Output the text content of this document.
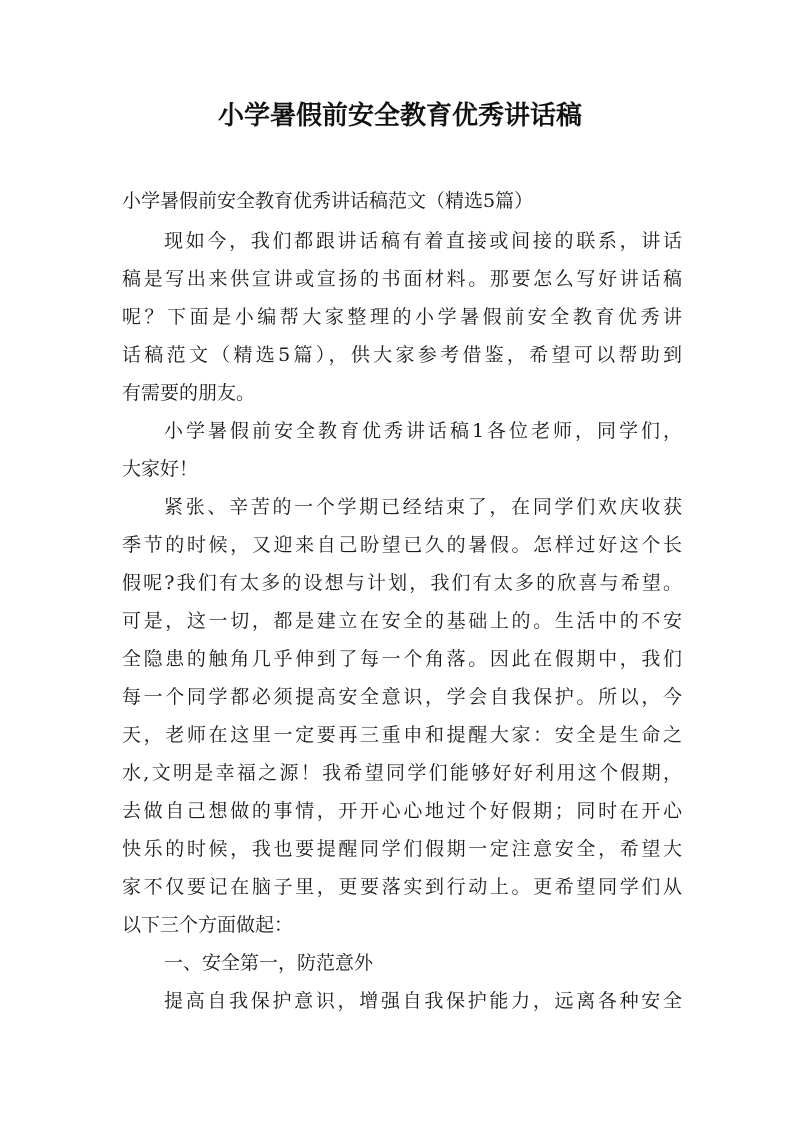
小学暑假前安全教育优秀讲话稿

小学暑假前安全教育优秀讲话稿范文（精选5篇）

现如今，我们都跟讲话稿有着直接或间接的联系，讲话

稿是写出来供宣讲或宣扬的书面材料。那要怎么写好讲话稿

呢？下面是小编帮大家整理的小学暑假前安全教育优秀讲

话稿范文（精选5篇），供大家参考借鉴，希望可以帮助到

有需要的朋友。

小学暑假前安全教育优秀讲话稿1各位老师，同学们，

大家好！

紧张、辛苦的一个学期已经结束了，在同学们欢庆收获

季节的时候，又迎来自己盼望已久的暑假。怎样过好这个长

假呢?我们有太多的设想与计划，我们有太多的欣喜与希望。

可是，这一切，都是建立在安全的基础上的。生活中的不安

全隐患的触角几乎伸到了每一个角落。因此在假期中，我们

每一个同学都必须提高安全意识，学会自我保护。所以，今

天，老师在这里一定要再三重申和提醒大家：安全是生命之

水,文明是幸福之源！我希望同学们能够好好利用这个假期，

去做自己想做的事情，开开心心地过个好假期；同时在开心

快乐的时候，我也要提醒同学们假期一定注意安全，希望大

家不仅要记在脑子里，更要落实到行动上。更希望同学们从

以下三个方面做起：

一、安全第一，防范意外

提高自我保护意识，增强自我保护能力，远离各种安全
